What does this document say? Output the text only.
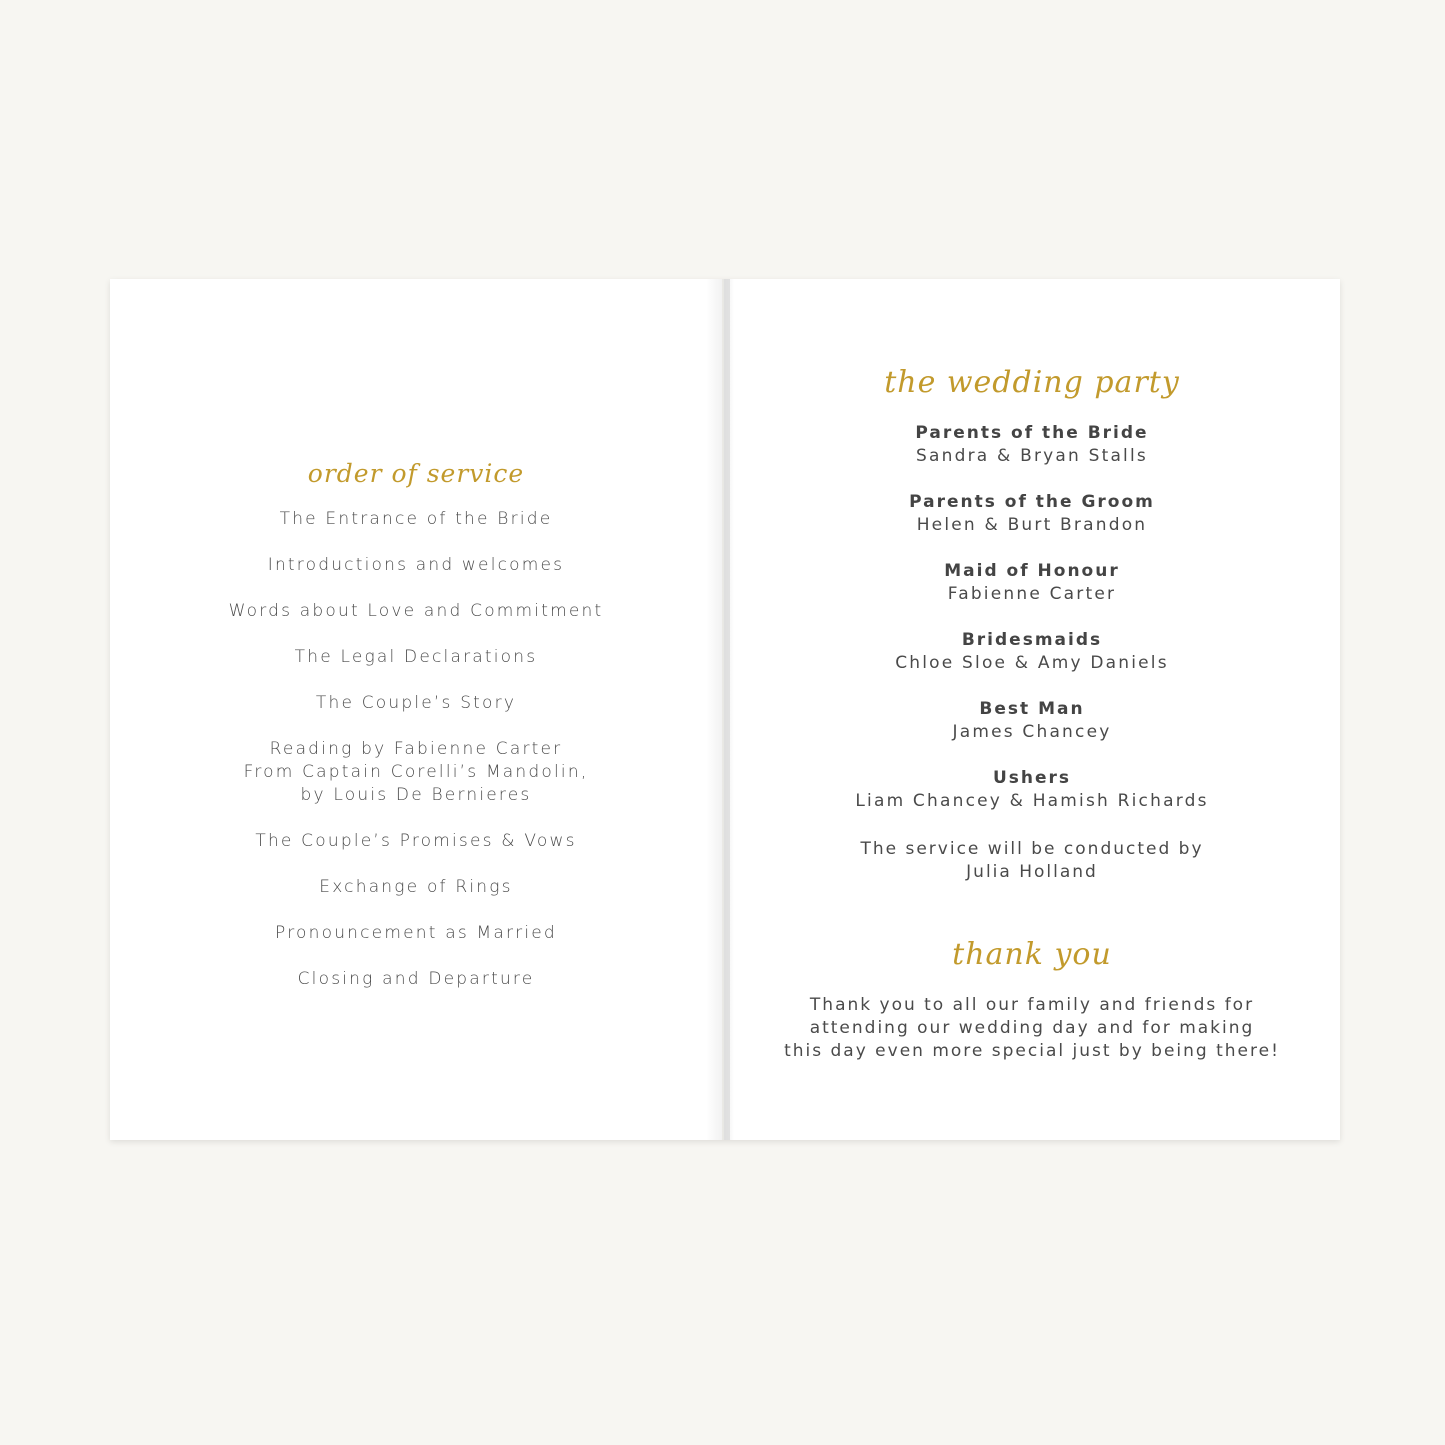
order of service
The Entrance of the Bride
Introductions and welcomes
Words about Love and Commitment
The Legal Declarations
The Couple’s Story
Reading by Fabienne Carter
From Captain Corelli’s Mandolin,
by Louis De Bernieres
The Couple’s Promises & Vows
Exchange of Rings
Pronouncement as Married
Closing and Departure
the wedding party
Parents of the Bride
Sandra & Bryan Stalls
Parents of the Groom
Helen & Burt Brandon
Maid of Honour
Fabienne Carter
Bridesmaids
Chloe Sloe & Amy Daniels
Best Man
James Chancey
Ushers
Liam Chancey & Hamish Richards
The service will be conducted by
Julia Holland
thank you
Thank you to all our family and friends for
attending our wedding day and for making
this day even more special just by being there!
